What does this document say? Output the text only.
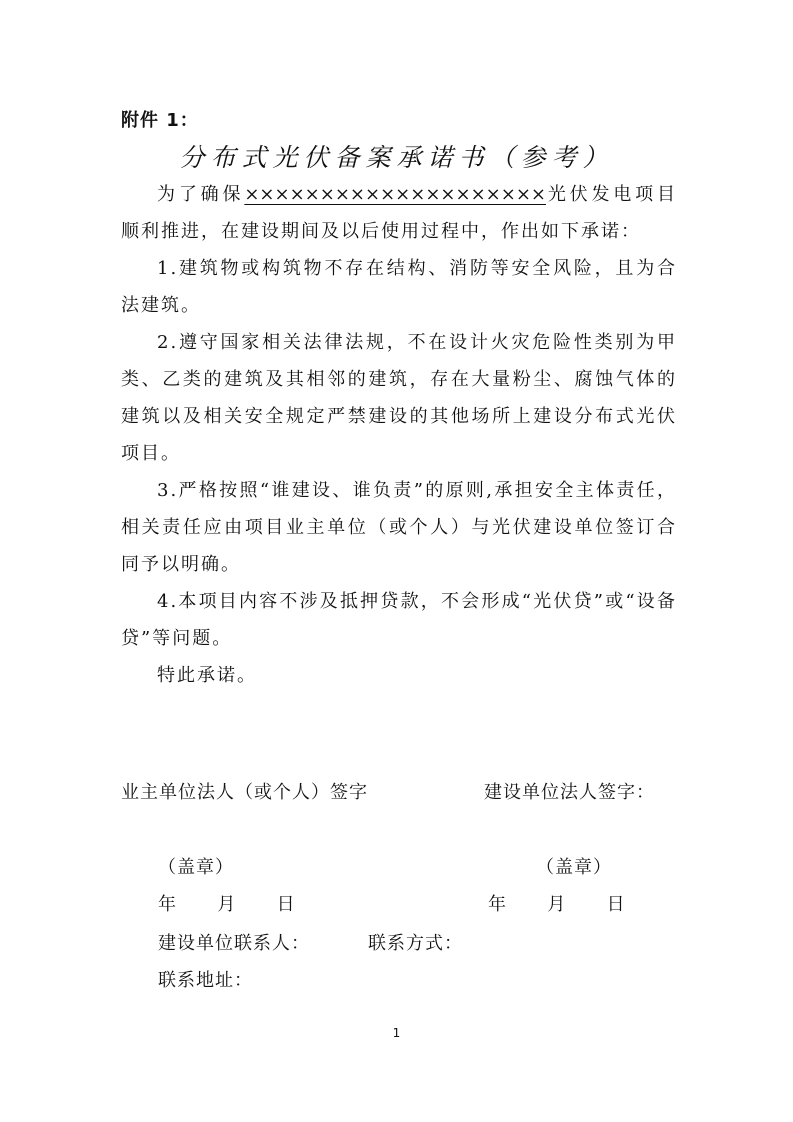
附件 1：
分布式光伏备案承诺书（参考）

为了确保××××××××××××××××××××光伏发电项目顺利推进，在建设期间及以后使用过程中，作出如下承诺：

1.建筑物或构筑物不存在结构、消防等安全风险，且为合法建筑。

2.遵守国家相关法律法规，不在设计火灾危险性类别为甲类、乙类的建筑及其相邻的建筑，存在大量粉尘、腐蚀气体的建筑以及相关安全规定严禁建设的其他场所上建设分布式光伏项目。

3.严格按照“谁建设、谁负责”的原则,承担安全主体责任，相关责任应由项目业主单位（或个人）与光伏建设单位签订合同予以明确。

4.本项目内容不涉及抵押贷款，不会形成“光伏贷”或“设备贷”等问题。

特此承诺。

业主单位法人（或个人）签字	建设单位法人签字：
（盖章）	（盖章）
年      月      日	年      月      日
建设单位联系人：	联系方式：
联系地址：
1
